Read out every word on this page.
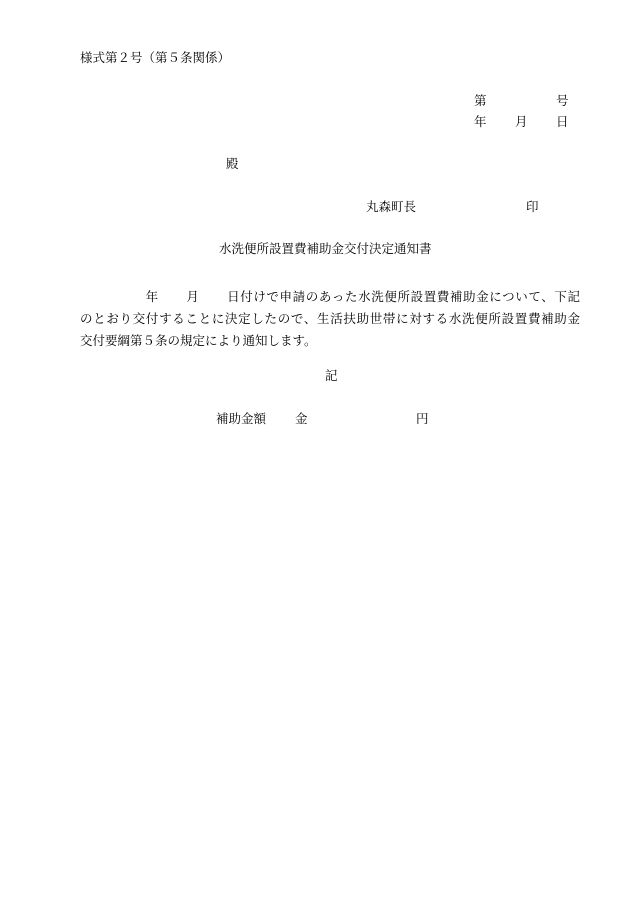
様式第２号（第５条関係）
第	号
年 月 日
殿
丸森町長	印
水洗便所設置費補助金交付決定通知書
年 月 日付けで申請のあった水洗便所設置費補助金について、下記
のとおり交付することに決定したので、生活扶助世帯に対する水洗便所設置費補助金
交付要綱第５条の規定により通知します。
記
補助金額 金	円
